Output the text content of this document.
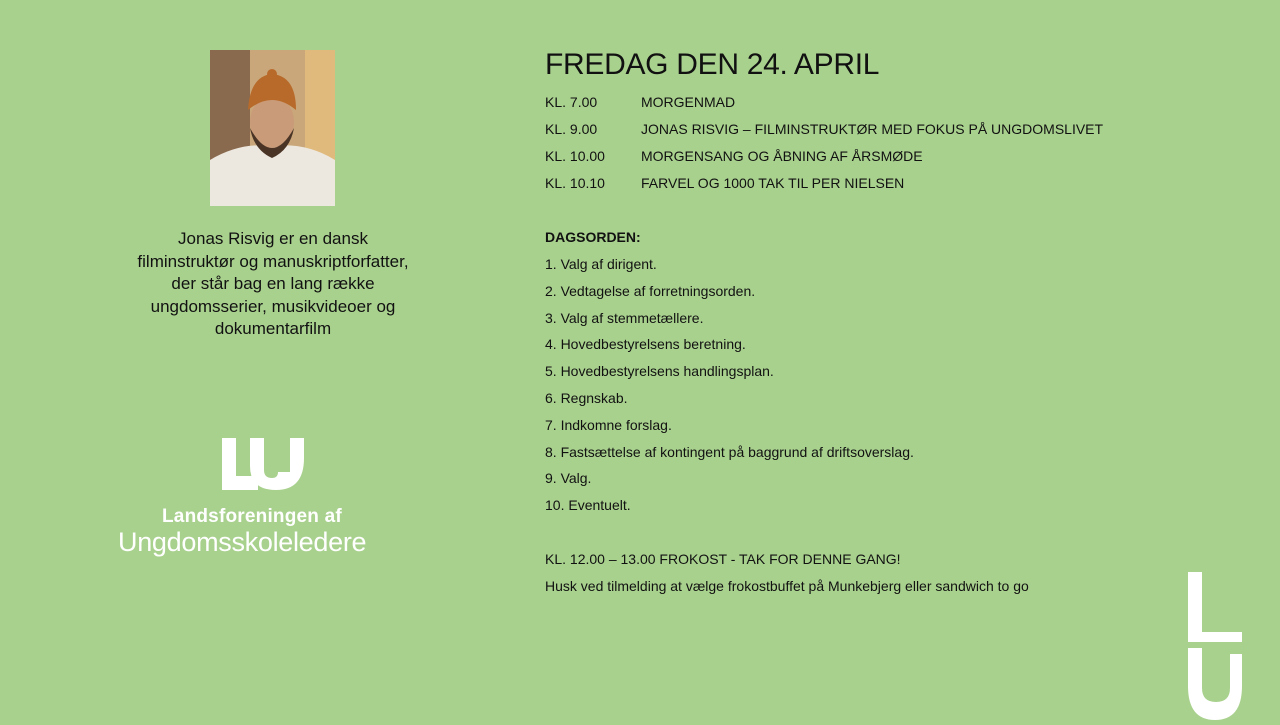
Jonas Risvig er en dansk
filminstruktør og manuskriptforfatter,
der står bag en lang række
ungdomsserier, musikvideoer og
dokumentarfilm
Landsforeningen af
Ungdomsskoleledere
FREDAG DEN 24. APRIL
KL. 7.00	MORGENMAD
KL. 9.00	JONAS RISVIG – FILMINSTRUKTØR MED FOKUS PÅ UNGDOMSLIVET
KL. 10.00	MORGENSANG OG ÅBNING AF ÅRSMØDE
KL. 10.10	FARVEL OG 1000 TAK TIL PER NIELSEN
DAGSORDEN:
1. Valg af dirigent.
2. Vedtagelse af forretningsorden.
3. Valg af stemmetællere.
4. Hovedbestyrelsens beretning.
5. Hovedbestyrelsens handlingsplan.
6. Regnskab.
7. Indkomne forslag.
8. Fastsættelse af kontingent på baggrund af driftsoverslag.
9. Valg.
10. Eventuelt.
KL. 12.00 – 13.00 FROKOST - TAK FOR DENNE GANG!
Husk ved tilmelding at vælge frokostbuffet på Munkebjerg eller sandwich to go
